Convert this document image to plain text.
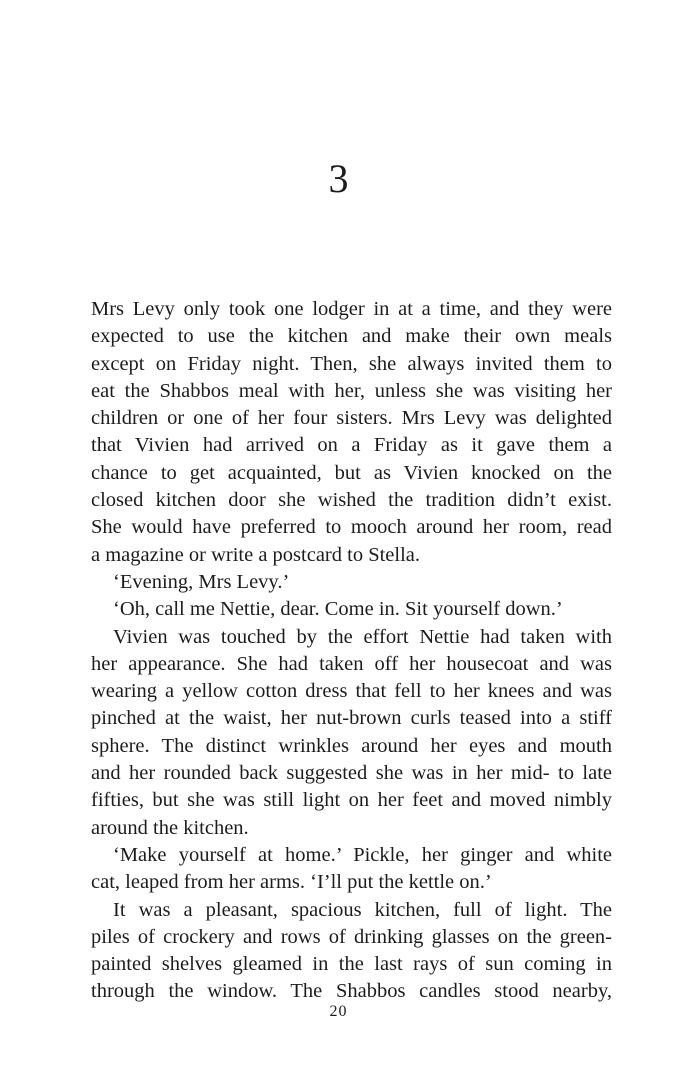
3
Mrs Levy only took one lodger in at a time, and they were
expected to use the kitchen and make their own meals
except on Friday night. Then, she always invited them to
eat the Shabbos meal with her, unless she was visiting her
children or one of her four sisters. Mrs Levy was delighted
that Vivien had arrived on a Friday as it gave them a
chance to get acquainted, but as Vivien knocked on the
closed kitchen door she wished the tradition didn’t exist.
She would have preferred to mooch around her room, read
a magazine or write a postcard to Stella.
‘Evening, Mrs Levy.’
‘Oh, call me Nettie, dear. Come in. Sit yourself down.’
Vivien was touched by the effort Nettie had taken with
her appearance. She had taken off her housecoat and was
wearing a yellow cotton dress that fell to her knees and was
pinched at the waist, her nut-brown curls teased into a stiff
sphere. The distinct wrinkles around her eyes and mouth
and her rounded back suggested she was in her mid- to late
fifties, but she was still light on her feet and moved nimbly
around the kitchen.
‘Make yourself at home.’ Pickle, her ginger and white
cat, leaped from her arms. ‘I’ll put the kettle on.’
It was a pleasant, spacious kitchen, full of light. The
piles of crockery and rows of drinking glasses on the green-
painted shelves gleamed in the last rays of sun coming in
through the window. The Shabbos candles stood nearby,
20
